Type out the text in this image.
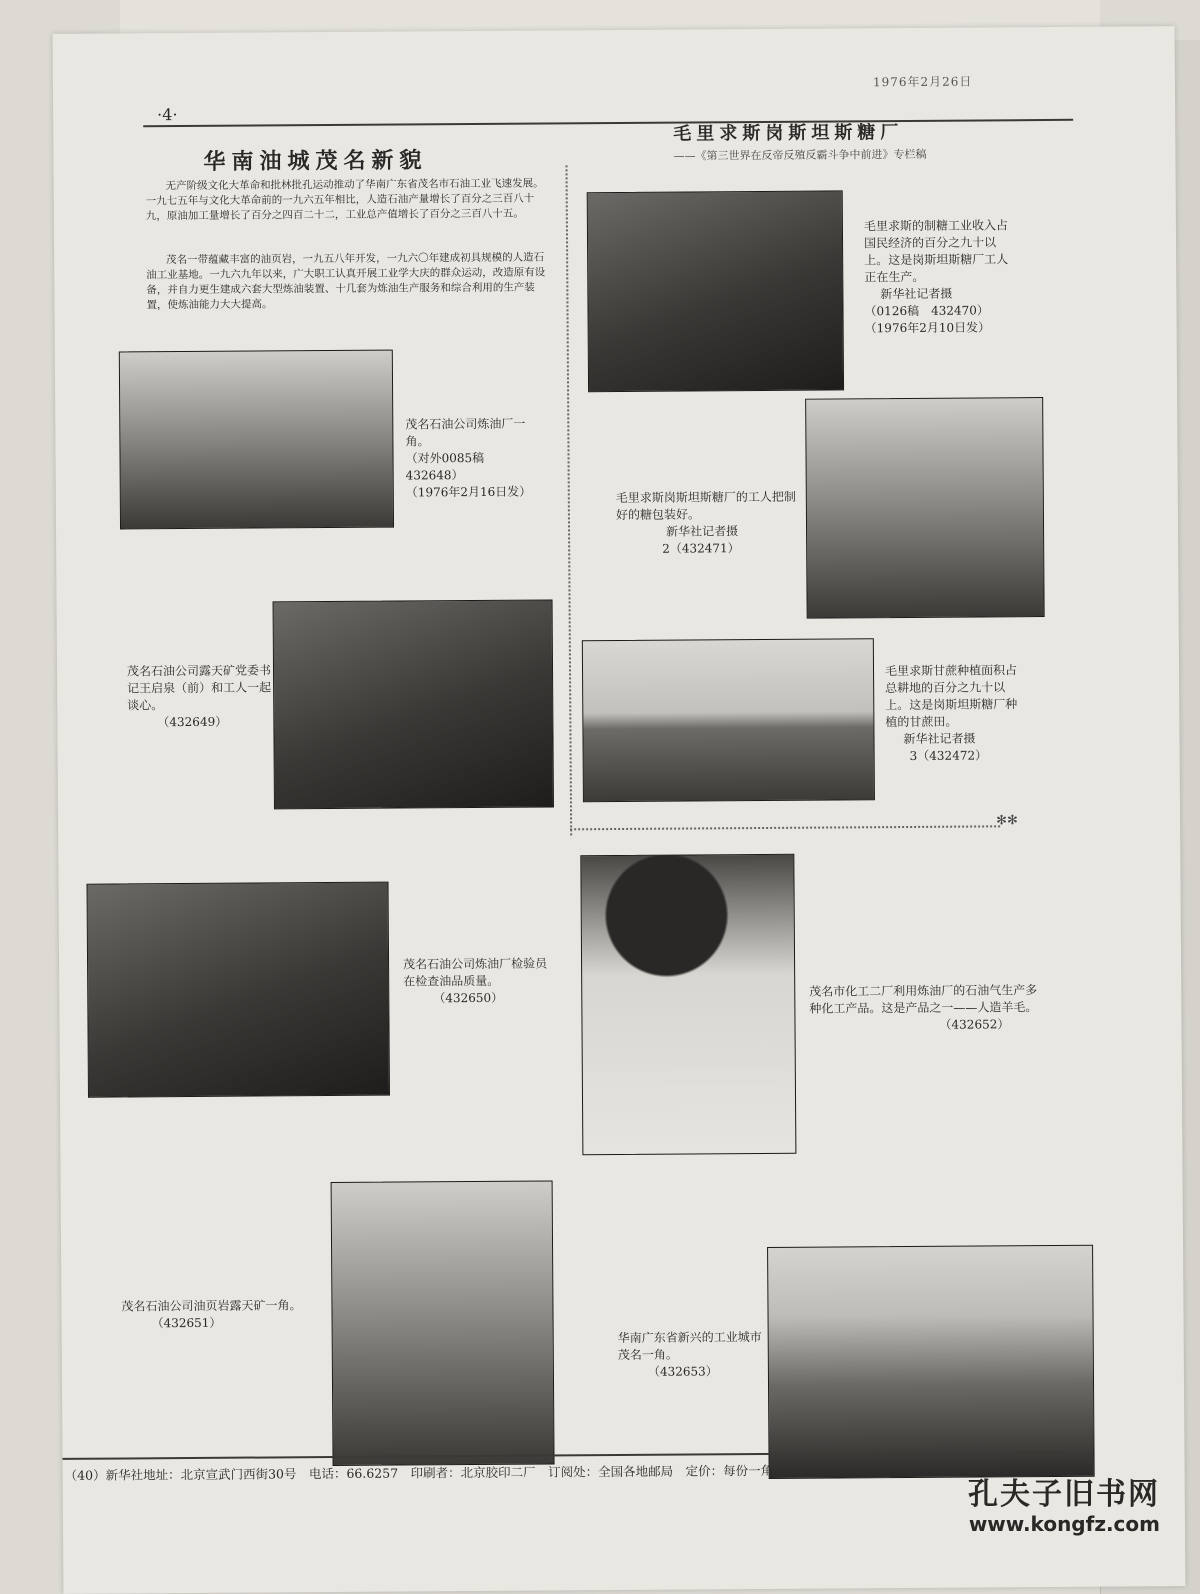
·4·
1976年2月26日
✻✻
华南油城茂名新貌

无产阶级文化大革命和批林批孔运动推动了华南广东省茂名市石油工业飞速发展。一九七五年与文化大革命前的一九六五年相比，人造石油产量增长了百分之三百八十九，原油加工量增长了百分之四百二十二，工业总产值增长了百分之三百八十五。

茂名一带蕴藏丰富的油页岩，一九五八年开发，一九六〇年建成初具规模的人造石油工业基地。一九六九年以来，广大职工认真开展工业学大庆的群众运动，改造原有设备，并自力更生建成六套大型炼油装置、十几套为炼油生产服务和综合利用的生产装置，使炼油能力大大提高。

茂名石油公司炼油厂一角。
（对外0085稿　432648）
（1976年2月16日发）
茂名石油公司露天矿党委书记王启泉（前）和工人一起谈心。
（432649）
茂名石油公司炼油厂检验员在检查油品质量。
（432650）
茂名石油公司油页岩露天矿一角。
（432651）
毛里求斯岗斯坦斯糖厂
——《第三世界在反帝反殖反霸斗争中前进》专栏稿
毛里求斯的制糖工业收入占国民经济的百分之九十以上。这是岗斯坦斯糖厂工人正在生产。
新华社记者摄
（0126稿　432470）
（1976年2月10日发）
毛里求斯岗斯坦斯糖厂的工人把制好的糖包装好。
新华社记者摄
2（432471）
毛里求斯甘蔗种植面积占总耕地的百分之九十以上。这是岗斯坦斯糖厂种植的甘蔗田。
新华社记者摄
3（432472）
茂名市化工二厂利用炼油厂的石油气生产多种化工产品。这是产品之一——人造羊毛。
（432652）
华南广东省新兴的工业城市茂名一角。
（432653）
（40）新华社地址：北京宣武门西街30号　电话：66.6257　印刷者：北京胶印二厂　订阅处：全国各地邮局　定价：每份一角
孔夫子旧书网
www.kongfz.com
